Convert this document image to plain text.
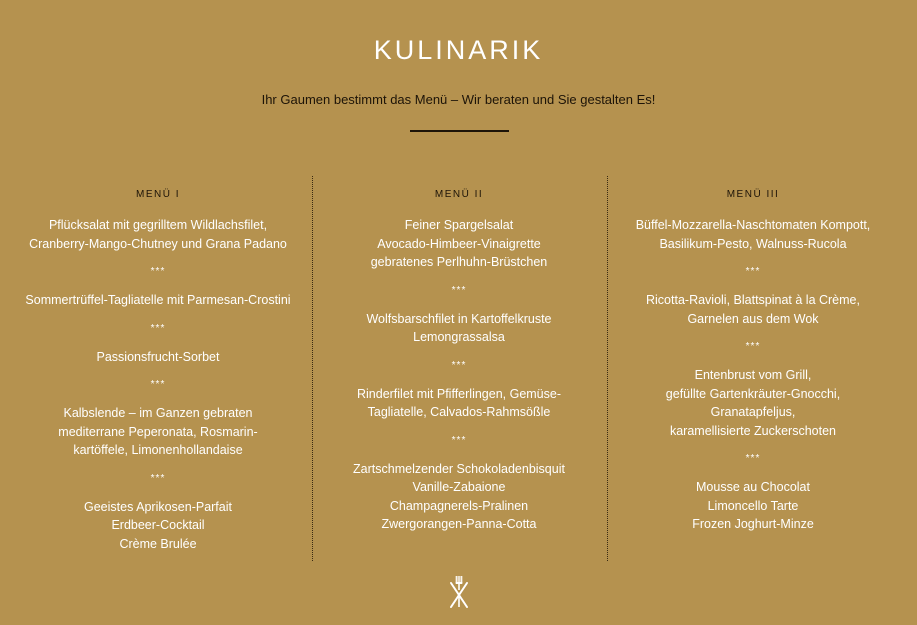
KULINARIK
Ihr Gaumen bestimmt das Menü – Wir beraten und Sie gestalten Es!
MENÜ I
Pflücksalat mit gegrilltem Wildlachsfilet,
Cranberry-Mango-Chutney und Grana Padano
***
Sommertrüffel-Tagliatelle mit Parmesan-Crostini
***
Passionsfrucht-Sorbet
***
Kalbslende – im Ganzen gebraten
mediterrane Peperonata, Rosmarin-
kartöffele, Limonenhollandaise
***
Geeistes Aprikosen-Parfait
Erdbeer-Cocktail
Crème Brulée
MENÜ II
Feiner Spargelsalat
Avocado-Himbeer-Vinaigrette
gebratenes Perlhuhn-Brüstchen
***
Wolfsbarschfilet in Kartoffelkruste
Lemongrassalsa
***
Rinderfilet mit Pfifferlingen, Gemüse-
Tagliatelle, Calvados-Rahmsößle
***
Zartschmelzender Schokoladenbisquit
Vanille-Zabaione
Champagnerels-Pralinen
Zwergorangen-Panna-Cotta
MENÜ III
Büffel-Mozzarella-Naschtomaten Kompott,
Basilikum-Pesto, Walnuss-Rucola
***
Ricotta-Ravioli, Blattspinat à la Crème,
Garnelen aus dem Wok
***
Entenbrust vom Grill,
gefüllte Gartenkräuter-Gnocchi,
Granatapfeljus,
karamellisierte Zuckerschoten
***
Mousse au Chocolat
Limoncello Tarte
Frozen Joghurt-Minze
